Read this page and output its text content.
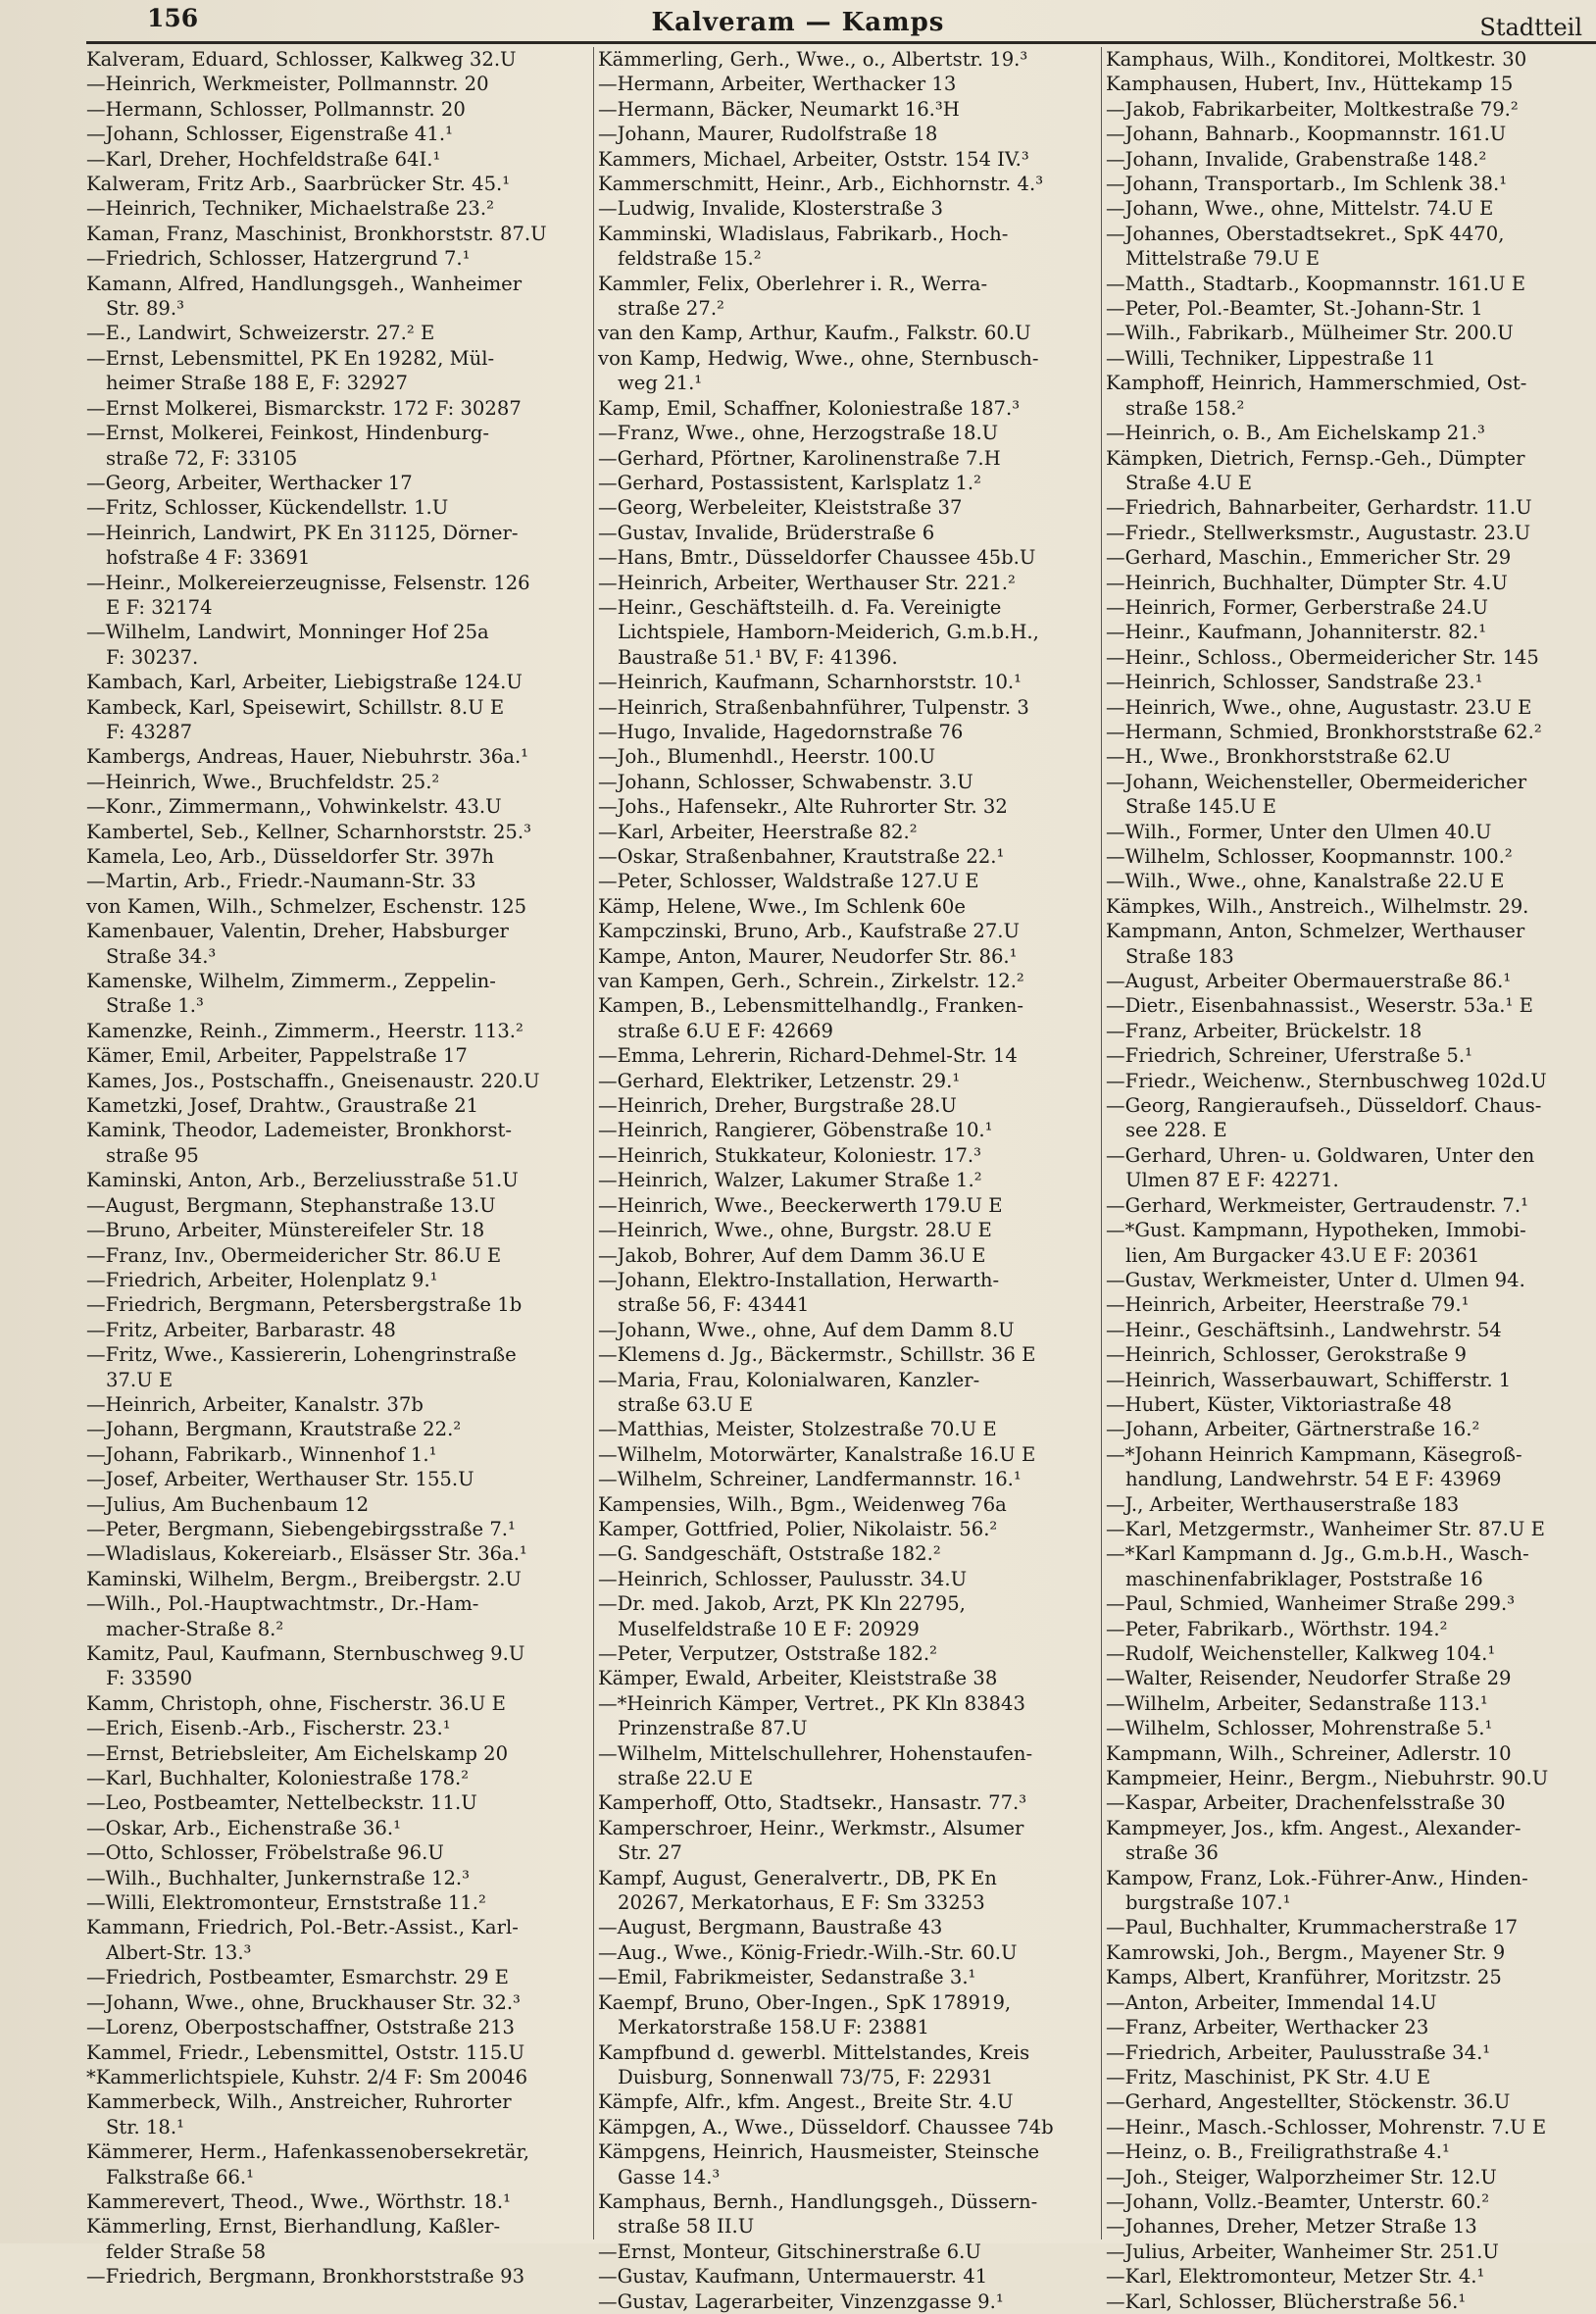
156	Kalveram — Kamps	Stadtteil
Kalveram, Eduard, Schlosser, Kalkweg 32.U
—Heinrich, Werkmeister, Pollmannstr. 20
—Hermann, Schlosser, Pollmannstr. 20
—Johann, Schlosser, Eigenstraße 41.¹
—Karl, Dreher, Hochfeldstraße 64I.¹
Kalweram, Fritz Arb., Saarbrücker Str. 45.¹
—Heinrich, Techniker, Michaelstraße 23.²
Kaman, Franz, Maschinist, Bronkhorststr. 87.U
—Friedrich, Schlosser, Hatzergrund 7.¹
Kamann, Alfred, Handlungsgeh., Wanheimer
Str. 89.³
—E., Landwirt, Schweizerstr. 27.² E
—Ernst, Lebensmittel, PK En 19282, Mül-
heimer Straße 188 E, F: 32927
—Ernst Molkerei, Bismarckstr. 172 F: 30287
—Ernst, Molkerei, Feinkost, Hindenburg-
straße 72, F: 33105
—Georg, Arbeiter, Werthacker 17
—Fritz, Schlosser, Kückendellstr. 1.U
—Heinrich, Landwirt, PK En 31125, Dörner-
hofstraße 4 F: 33691
—Heinr., Molkereierzeugnisse, Felsenstr. 126
E F: 32174
—Wilhelm, Landwirt, Monninger Hof 25a
F: 30237.
Kambach, Karl, Arbeiter, Liebigstraße 124.U
Kambeck, Karl, Speisewirt, Schillstr. 8.U E
F: 43287
Kambergs, Andreas, Hauer, Niebuhrstr. 36a.¹
—Heinrich, Wwe., Bruchfeldstr. 25.²
—Konr., Zimmermann,, Vohwinkelstr. 43.U
Kambertel, Seb., Kellner, Scharnhorststr. 25.³
Kamela, Leo, Arb., Düsseldorfer Str. 397h
—Martin, Arb., Friedr.-Naumann-Str. 33
von Kamen, Wilh., Schmelzer, Eschenstr. 125
Kamenbauer, Valentin, Dreher, Habsburger
Straße 34.³
Kamenske, Wilhelm, Zimmerm., Zeppelin-
Straße 1.³
Kamenzke, Reinh., Zimmerm., Heerstr. 113.²
Kämer, Emil, Arbeiter, Pappelstraße 17
Kames, Jos., Postschaffn., Gneisenaustr. 220.U
Kametzki, Josef, Drahtw., Graustraße 21
Kamink, Theodor, Lademeister, Bronkhorst-
straße 95
Kaminski, Anton, Arb., Berzeliusstraße 51.U
—August, Bergmann, Stephanstraße 13.U
—Bruno, Arbeiter, Münstereifeler Str. 18
—Franz, Inv., Obermeidericher Str. 86.U E
—Friedrich, Arbeiter, Holenplatz 9.¹
—Friedrich, Bergmann, Petersbergstraße 1b
—Fritz, Arbeiter, Barbarastr. 48
—Fritz, Wwe., Kassiererin, Lohengrinstraße
37.U E
—Heinrich, Arbeiter, Kanalstr. 37b
—Johann, Bergmann, Krautstraße 22.²
—Johann, Fabrikarb., Winnenhof 1.¹
—Josef, Arbeiter, Werthauser Str. 155.U
—Julius, Am Buchenbaum 12
—Peter, Bergmann, Siebengebirgsstraße 7.¹
—Wladislaus, Kokereiarb., Elsässer Str. 36a.¹
Kaminski, Wilhelm, Bergm., Breibergstr. 2.U
—Wilh., Pol.-Hauptwachtmstr., Dr.-Ham-
macher-Straße 8.²
Kamitz, Paul, Kaufmann, Sternbuschweg 9.U
F: 33590
Kamm, Christoph, ohne, Fischerstr. 36.U E
—Erich, Eisenb.-Arb., Fischerstr. 23.¹
—Ernst, Betriebsleiter, Am Eichelskamp 20
—Karl, Buchhalter, Koloniestraße 178.²
—Leo, Postbeamter, Nettelbeckstr. 11.U
—Oskar, Arb., Eichenstraße 36.¹
—Otto, Schlosser, Fröbelstraße 96.U
—Wilh., Buchhalter, Junkernstraße 12.³
—Willi, Elektromonteur, Ernststraße 11.²
Kammann, Friedrich, Pol.-Betr.-Assist., Karl-
Albert-Str. 13.³
—Friedrich, Postbeamter, Esmarchstr. 29 E
—Johann, Wwe., ohne, Bruckhauser Str. 32.³
—Lorenz, Oberpostschaffner, Oststraße 213
Kammel, Friedr., Lebensmittel, Oststr. 115.U
*Kammerlichtspiele, Kuhstr. 2/4 F: Sm 20046
Kammerbeck, Wilh., Anstreicher, Ruhrorter
Str. 18.¹
Kämmerer, Herm., Hafenkassenobersekretär,
Falkstraße 66.¹
Kammerevert, Theod., Wwe., Wörthstr. 18.¹
Kämmerling, Ernst, Bierhandlung, Kaßler-
felder Straße 58
—Friedrich, Bergmann, Bronkhorststraße 93
Kämmerling, Gerh., Wwe., o., Albertstr. 19.³
—Hermann, Arbeiter, Werthacker 13
—Hermann, Bäcker, Neumarkt 16.³H
—Johann, Maurer, Rudolfstraße 18
Kammers, Michael, Arbeiter, Oststr. 154 IV.³
Kammerschmitt, Heinr., Arb., Eichhornstr. 4.³
—Ludwig, Invalide, Klosterstraße 3
Kamminski, Wladislaus, Fabrikarb., Hoch-
feldstraße 15.²
Kammler, Felix, Oberlehrer i. R., Werra-
straße 27.²
van den Kamp, Arthur, Kaufm., Falkstr. 60.U
von Kamp, Hedwig, Wwe., ohne, Sternbusch-
weg 21.¹
Kamp, Emil, Schaffner, Koloniestraße 187.³
—Franz, Wwe., ohne, Herzogstraße 18.U
—Gerhard, Pförtner, Karolinenstraße 7.H
—Gerhard, Postassistent, Karlsplatz 1.²
—Georg, Werbeleiter, Kleiststraße 37
—Gustav, Invalide, Brüderstraße 6
—Hans, Bmtr., Düsseldorfer Chaussee 45b.U
—Heinrich, Arbeiter, Werthauser Str. 221.²
—Heinr., Geschäftsteilh. d. Fa. Vereinigte
Lichtspiele, Hamborn-Meiderich, G.m.b.H.,
Baustraße 51.¹ BV, F: 41396.
—Heinrich, Kaufmann, Scharnhorststr. 10.¹
—Heinrich, Straßenbahnführer, Tulpenstr. 3
—Hugo, Invalide, Hagedornstraße 76
—Joh., Blumenhdl., Heerstr. 100.U
—Johann, Schlosser, Schwabenstr. 3.U
—Johs., Hafensekr., Alte Ruhrorter Str. 32
—Karl, Arbeiter, Heerstraße 82.²
—Oskar, Straßenbahner, Krautstraße 22.¹
—Peter, Schlosser, Waldstraße 127.U E
Kämp, Helene, Wwe., Im Schlenk 60e
Kampczinski, Bruno, Arb., Kaufstraße 27.U
Kampe, Anton, Maurer, Neudorfer Str. 86.¹
van Kampen, Gerh., Schrein., Zirkelstr. 12.²
Kampen, B., Lebensmittelhandlg., Franken-
straße 6.U E F: 42669
—Emma, Lehrerin, Richard-Dehmel-Str. 14
—Gerhard, Elektriker, Letzenstr. 29.¹
—Heinrich, Dreher, Burgstraße 28.U
—Heinrich, Rangierer, Göbenstraße 10.¹
—Heinrich, Stukkateur, Koloniestr. 17.³
—Heinrich, Walzer, Lakumer Straße 1.²
—Heinrich, Wwe., Beeckerwerth 179.U E
—Heinrich, Wwe., ohne, Burgstr. 28.U E
—Jakob, Bohrer, Auf dem Damm 36.U E
—Johann, Elektro-Installation, Herwarth-
straße 56, F: 43441
—Johann, Wwe., ohne, Auf dem Damm 8.U
—Klemens d. Jg., Bäckermstr., Schillstr. 36 E
—Maria, Frau, Kolonialwaren, Kanzler-
straße 63.U E
—Matthias, Meister, Stolzestraße 70.U E
—Wilhelm, Motorwärter, Kanalstraße 16.U E
—Wilhelm, Schreiner, Landfermannstr. 16.¹
Kampensies, Wilh., Bgm., Weidenweg 76a
Kamper, Gottfried, Polier, Nikolaistr. 56.²
—G. Sandgeschäft, Oststraße 182.²
—Heinrich, Schlosser, Paulusstr. 34.U
—Dr. med. Jakob, Arzt, PK Kln 22795,
Muselfeldstraße 10 E F: 20929
—Peter, Verputzer, Oststraße 182.²
Kämper, Ewald, Arbeiter, Kleiststraße 38
—*Heinrich Kämper, Vertret., PK Kln 83843
Prinzenstraße 87.U
—Wilhelm, Mittelschullehrer, Hohenstaufen-
straße 22.U E
Kamperhoff, Otto, Stadtsekr., Hansastr. 77.³
Kamperschroer, Heinr., Werkmstr., Alsumer
Str. 27
Kampf, August, Generalvertr., DB, PK En
20267, Merkatorhaus, E F: Sm 33253
—August, Bergmann, Baustraße 43
—Aug., Wwe., König-Friedr.-Wilh.-Str. 60.U
—Emil, Fabrikmeister, Sedanstraße 3.¹
Kaempf, Bruno, Ober-Ingen., SpK 178919,
Merkatorstraße 158.U F: 23881
Kampfbund d. gewerbl. Mittelstandes, Kreis
Duisburg, Sonnenwall 73/75, F: 22931
Kämpfe, Alfr., kfm. Angest., Breite Str. 4.U
Kämpgen, A., Wwe., Düsseldorf. Chaussee 74b
Kämpgens, Heinrich, Hausmeister, Steinsche
Gasse 14.³
Kamphaus, Bernh., Handlungsgeh., Düssern-
straße 58 II.U
—Ernst, Monteur, Gitschinerstraße 6.U
—Gustav, Kaufmann, Untermauerstr. 41
—Gustav, Lagerarbeiter, Vinzenzgasse 9.¹
Kamphaus, Wilh., Konditorei, Moltkestr. 30
Kamphausen, Hubert, Inv., Hüttekamp 15
—Jakob, Fabrikarbeiter, Moltkestraße 79.²
—Johann, Bahnarb., Koopmannstr. 161.U
—Johann, Invalide, Grabenstraße 148.²
—Johann, Transportarb., Im Schlenk 38.¹
—Johann, Wwe., ohne, Mittelstr. 74.U E
—Johannes, Oberstadtsekret., SpK 4470,
Mittelstraße 79.U E
—Matth., Stadtarb., Koopmannstr. 161.U E
—Peter, Pol.-Beamter, St.-Johann-Str. 1
—Wilh., Fabrikarb., Mülheimer Str. 200.U
—Willi, Techniker, Lippestraße 11
Kamphoff, Heinrich, Hammerschmied, Ost-
straße 158.²
—Heinrich, o. B., Am Eichelskamp 21.³
Kämpken, Dietrich, Fernsp.-Geh., Dümpter
Straße 4.U E
—Friedrich, Bahnarbeiter, Gerhardstr. 11.U
—Friedr., Stellwerksmstr., Augustastr. 23.U
—Gerhard, Maschin., Emmericher Str. 29
—Heinrich, Buchhalter, Dümpter Str. 4.U
—Heinrich, Former, Gerberstraße 24.U
—Heinr., Kaufmann, Johanniterstr. 82.¹
—Heinr., Schloss., Obermeidericher Str. 145
—Heinrich, Schlosser, Sandstraße 23.¹
—Heinrich, Wwe., ohne, Augustastr. 23.U E
—Hermann, Schmied, Bronkhorststraße 62.²
—H., Wwe., Bronkhorststraße 62.U
—Johann, Weichensteller, Obermeidericher
Straße 145.U E
—Wilh., Former, Unter den Ulmen 40.U
—Wilhelm, Schlosser, Koopmannstr. 100.²
—Wilh., Wwe., ohne, Kanalstraße 22.U E
Kämpkes, Wilh., Anstreich., Wilhelmstr. 29.
Kampmann, Anton, Schmelzer, Werthauser
Straße 183
—August, Arbeiter Obermauerstraße 86.¹
—Dietr., Eisenbahnassist., Weserstr. 53a.¹ E
—Franz, Arbeiter, Brückelstr. 18
—Friedrich, Schreiner, Uferstraße 5.¹
—Friedr., Weichenw., Sternbuschweg 102d.U
—Georg, Rangieraufseh., Düsseldorf. Chaus-
see 228. E
—Gerhard, Uhren- u. Goldwaren, Unter den
Ulmen 87 E F: 42271.
—Gerhard, Werkmeister, Gertraudenstr. 7.¹
—*Gust. Kampmann, Hypotheken, Immobi-
lien, Am Burgacker 43.U E F: 20361
—Gustav, Werkmeister, Unter d. Ulmen 94.
—Heinrich, Arbeiter, Heerstraße 79.¹
—Heinr., Geschäftsinh., Landwehrstr. 54
—Heinrich, Schlosser, Gerokstraße 9
—Heinrich, Wasserbauwart, Schifferstr. 1
—Hubert, Küster, Viktoriastraße 48
—Johann, Arbeiter, Gärtnerstraße 16.²
—*Johann Heinrich Kampmann, Käsegroß-
handlung, Landwehrstr. 54 E F: 43969
—J., Arbeiter, Werthauserstraße 183
—Karl, Metzgermstr., Wanheimer Str. 87.U E
—*Karl Kampmann d. Jg., G.m.b.H., Wasch-
maschinenfabriklager, Poststraße 16
—Paul, Schmied, Wanheimer Straße 299.³
—Peter, Fabrikarb., Wörthstr. 194.²
—Rudolf, Weichensteller, Kalkweg 104.¹
—Walter, Reisender, Neudorfer Straße 29
—Wilhelm, Arbeiter, Sedanstraße 113.¹
—Wilhelm, Schlosser, Mohrenstraße 5.¹
Kampmann, Wilh., Schreiner, Adlerstr. 10
Kampmeier, Heinr., Bergm., Niebuhrstr. 90.U
—Kaspar, Arbeiter, Drachenfelsstraße 30
Kampmeyer, Jos., kfm. Angest., Alexander-
straße 36
Kampow, Franz, Lok.-Führer-Anw., Hinden-
burgstraße 107.¹
—Paul, Buchhalter, Krummacherstraße 17
Kamrowski, Joh., Bergm., Mayener Str. 9
Kamps, Albert, Kranführer, Moritzstr. 25
—Anton, Arbeiter, Immendal 14.U
—Franz, Arbeiter, Werthacker 23
—Friedrich, Arbeiter, Paulusstraße 34.¹
—Fritz, Maschinist, PK Str. 4.U E
—Gerhard, Angestellter, Stöckenstr. 36.U
—Heinr., Masch.-Schlosser, Mohrenstr. 7.U E
—Heinz, o. B., Freiligrathstraße 4.¹
—Joh., Steiger, Walporzheimer Str. 12.U
—Johann, Vollz.-Beamter, Unterstr. 60.²
—Johannes, Dreher, Metzer Straße 13
—Julius, Arbeiter, Wanheimer Str. 251.U
—Karl, Elektromonteur, Metzer Str. 4.¹
—Karl, Schlosser, Blücherstraße 56.¹
